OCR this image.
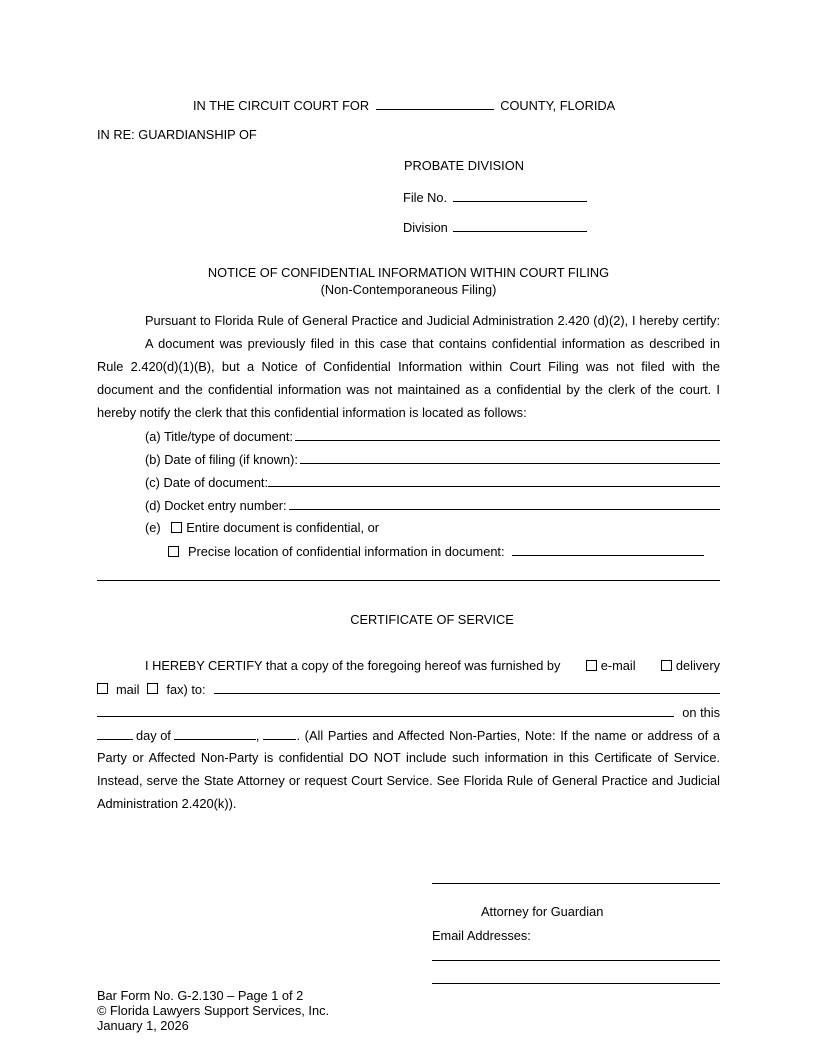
IN THE CIRCUIT COURT FOR	COUNTY, FLORIDA
IN RE: GUARDIANSHIP OF
PROBATE DIVISION
File No.
Division
NOTICE OF CONFIDENTIAL INFORMATION WITHIN COURT FILING
(Non-Contemporaneous Filing)
Pursuant to Florida Rule of General Practice and Judicial Administration 2.420 (d)(2), I hereby certify:
A document was previously filed in this case that contains confidential information as described in
Rule 2.420(d)(1)(B), but a Notice of Confidential Information within Court Filing was not filed with the document and the confidential information was not maintained as a confidential by the clerk of the court. I hereby notify the clerk that this confidential information is located as follows:
(a) Title/type of document:
(b) Date of filing (if known):
(c) Date of document:
(d) Docket entry number:
(e) Entire document is confidential, or
Precise location of confidential information in document:
CERTIFICATE OF SERVICE
I HEREBY CERTIFY that a copy of the foregoing hereof was furnished by	e-mail	delivery
mail fax) to:
on this
day of	,	. (All Parties and Affected Non-Parties, Note: If the name or address of a
Party or Affected Non-Party is confidential DO NOT include such information in this Certificate of Service. Instead, serve the State Attorney or request Court Service. See Florida Rule of General Practice and Judicial Administration 2.420(k)).
Attorney for Guardian
Email Addresses:
Bar Form No. G-2.130 – Page 1 of 2
© Florida Lawyers Support Services, Inc.
January 1, 2026
